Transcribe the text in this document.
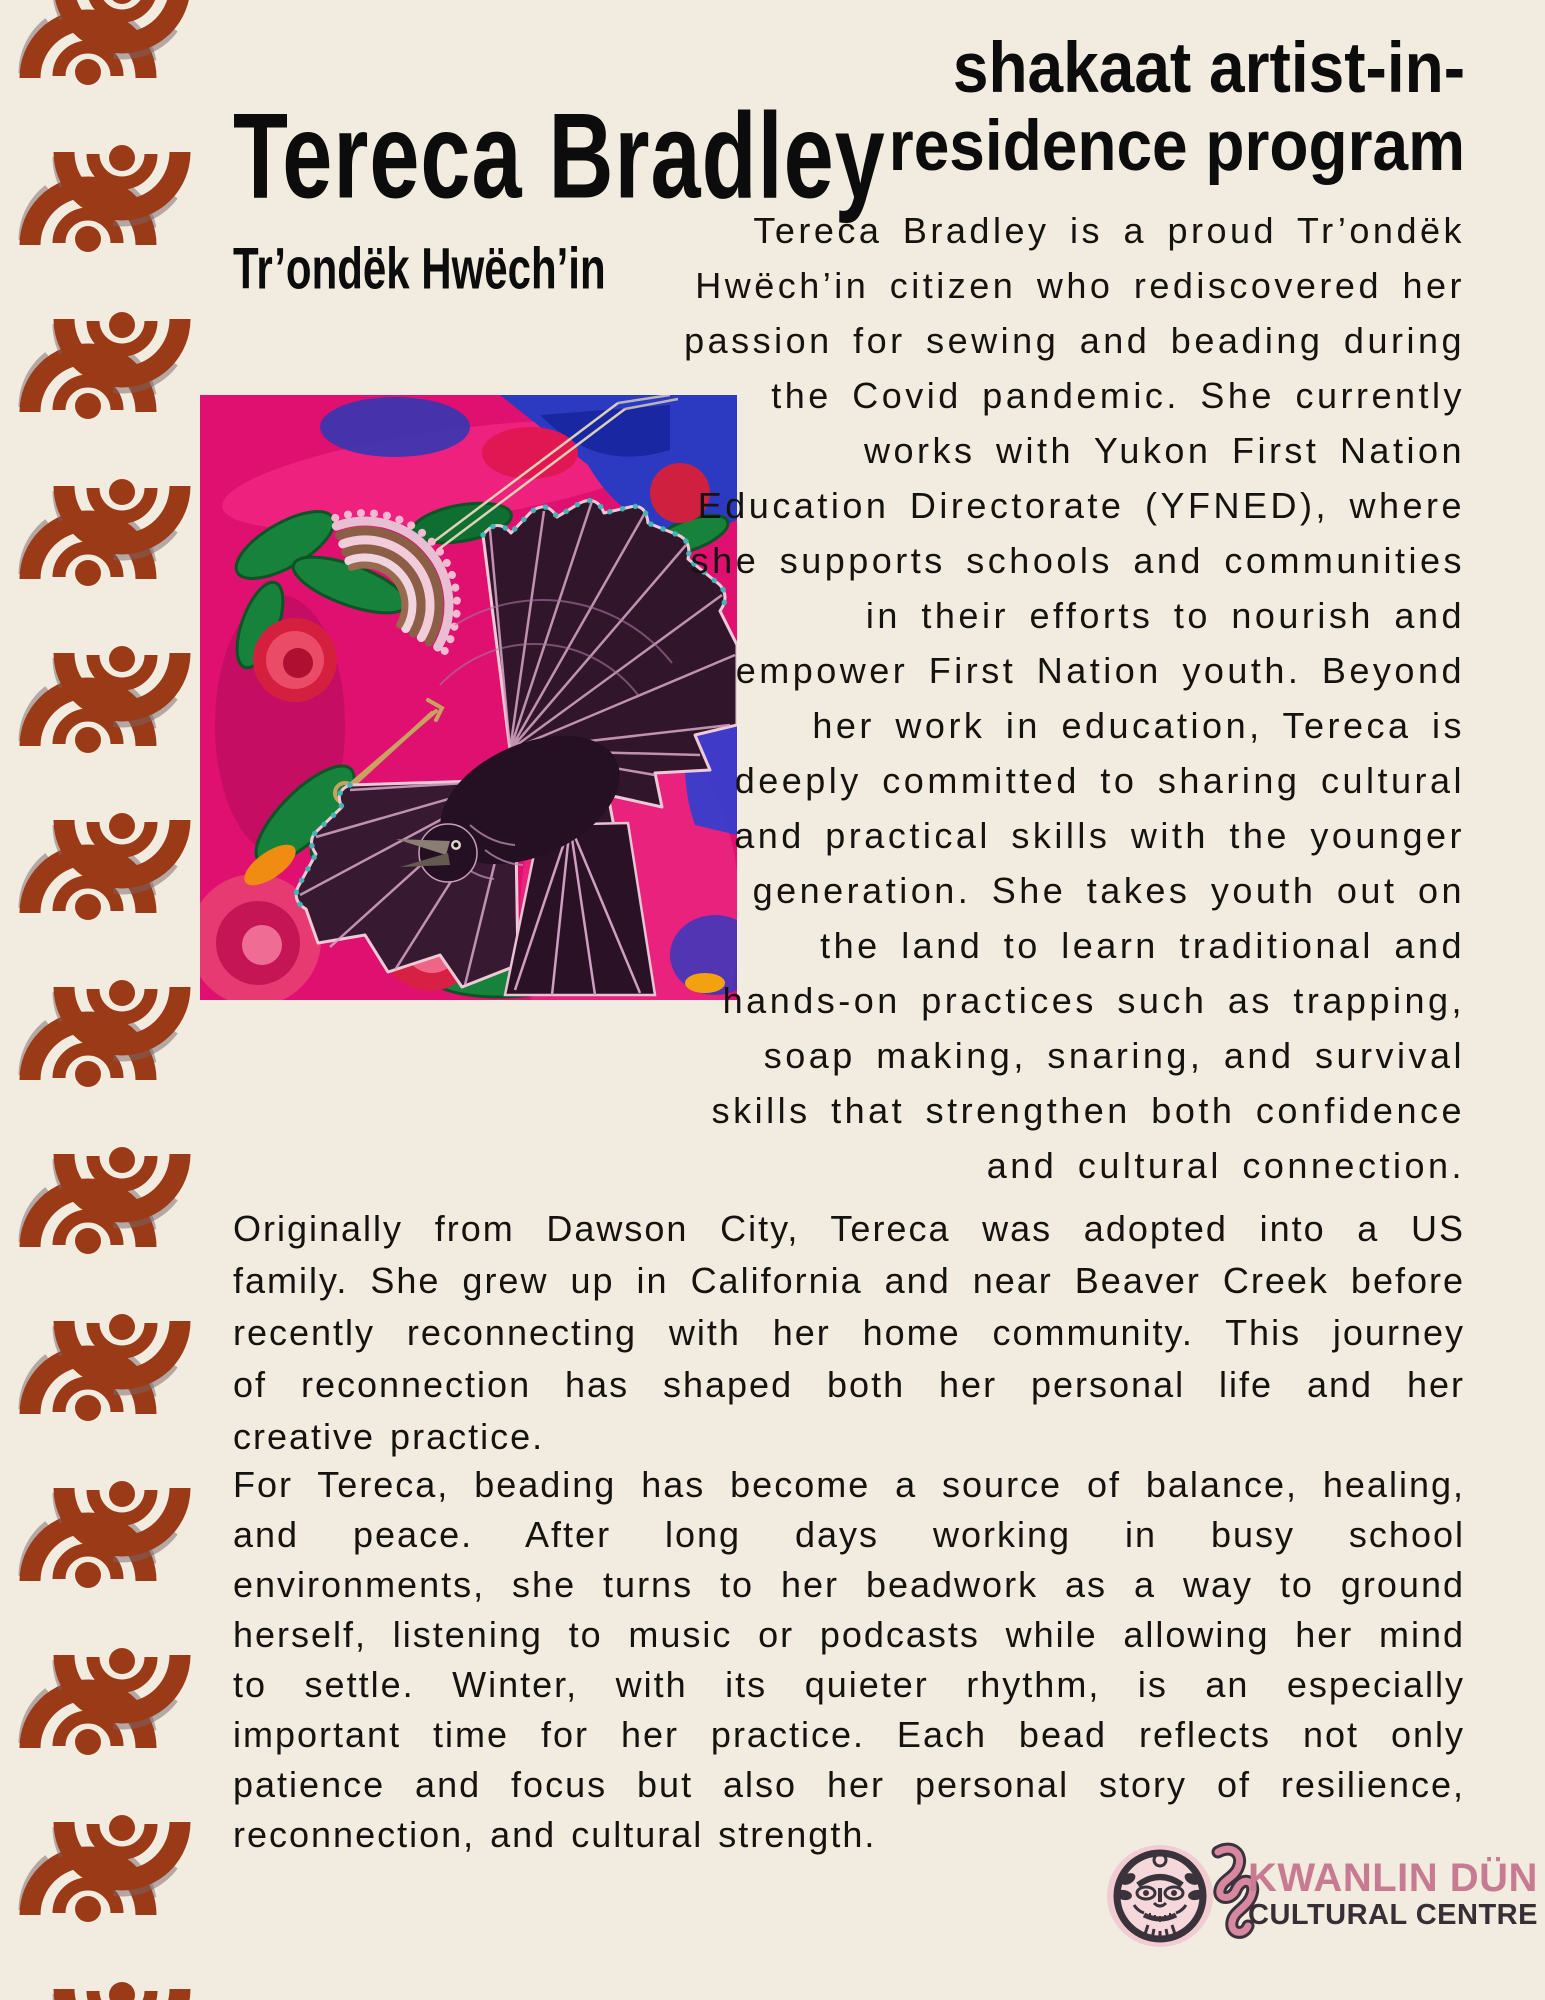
Tereca Bradley
Tr’ondëk Hwëch’in
shakaat artist-in-
residence program
Tereca Bradley is a proud Tr’ondëk
Hwëch’in citizen who rediscovered her
passion for sewing and beading during
the Covid pandemic. She currently
works with Yukon First Nation
Education Directorate (YFNED), where
she supports schools and communities
in their efforts to nourish and
empower First Nation youth. Beyond
her work in education, Tereca is
deeply committed to sharing cultural
and practical skills with the younger
generation. She takes youth out on
the land to learn traditional and
hands-on practices such as trapping,
soap making, snaring, and survival
skills that strengthen both confidence
and cultural connection.
Originally from Dawson City, Tereca was adopted into a US
family. She grew up in California and near Beaver Creek before
recently reconnecting with her home community. This journey
of reconnection has shaped both her personal life and her
creative practice.
For Tereca, beading has become a source of balance, healing,
and peace. After long days working in busy school
environments, she turns to her beadwork as a way to ground
herself, listening to music or podcasts while allowing her mind
to settle. Winter, with its quieter rhythm, is an especially
important time for her practice. Each bead reflects not only
patience and focus but also her personal story of resilience,
reconnection, and cultural strength.
KWANLIN DÜN
CULTURAL CENTRE
